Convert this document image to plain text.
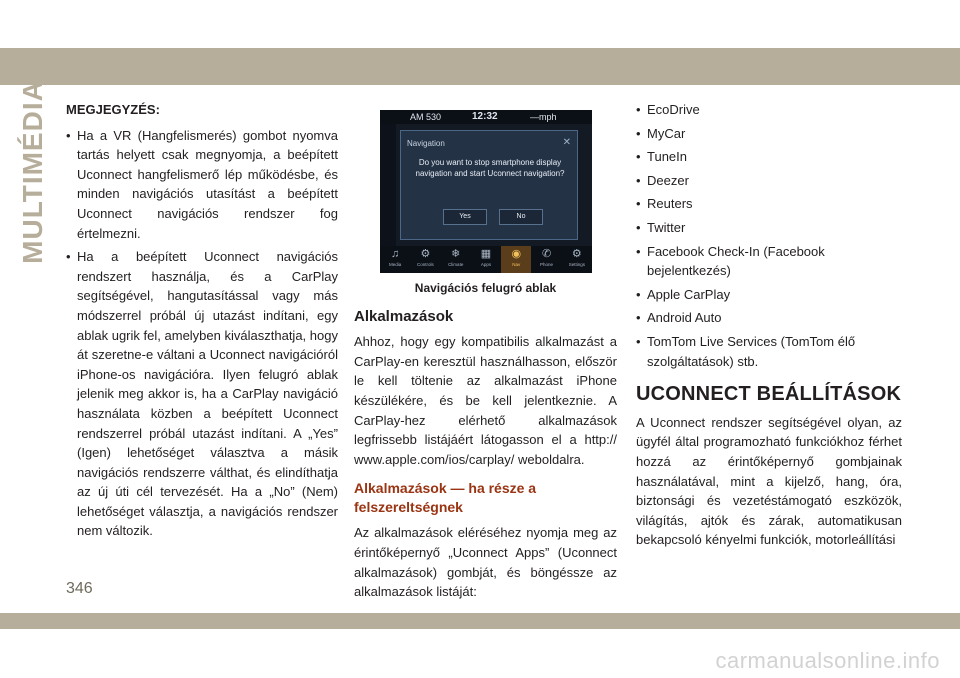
MULTIMÉDIA MEGJEGYZÉS:
• Ha a VR (Hangfelismerés) gombot nyomva tartás helyett csak megnyomja, a beépített Uconnect hangfelismerő lép működésbe, és minden navigációs utasítást a beépített Uconnect navigációs rendszer fog értelmezni.
• Ha a beépített Uconnect navigációs rendszert használja, és a CarPlay segítségével, hangutasítással vagy más módszerrel próbál új utazást indítani, egy ablak ugrik fel, amelyben kiválaszthatja, hogy át szeretne-e váltani a Uconnect navigációról iPhone-os navigációra. Ilyen felugró ablak jelenik meg akkor is, ha a CarPlay navigáció használata közben a beépített Uconnect rendszerrel próbál utazást indítani. A „Yes” (Igen) lehetőséget választva a másik navigációs rendszerre válthat, és elindíthatja az új úti cél tervezését. Ha a „No” (Nem) lehetőséget választja, a navigációs rendszer nem változik.
AM 530	12:32	—mph
Navigation	✕
Do you want to stop smartphone display navigation and start Uconnect navigation?
Yes	No
♫
Media
⚙
Controls
❄
Climate
▦
Apps
◉
Nav
✆
Phone
⚙
Settings
Navigációs felugró ablak
Alkalmazások
Ahhoz, hogy egy kompatibilis alkalmazást a CarPlay-en keresztül használhasson, először le kell töltenie az alkalmazást iPhone készülékére, és be kell jelentkeznie. A CarPlay-hez elérhető alkalmazások legfrissebb listájáért látogasson el a http:// www.apple.com/ios/carplay/ weboldalra.
Alkalmazások — ha része a felszereltségnek
Az alkalmazások eléréséhez nyomja meg az érintőképernyő „Uconnect Apps” (Uconnect alkalmazások) gombját, és böngéssze az alkalmazások listáját:
• EcoDrive
• MyCar
• TuneIn
• Deezer
• Reuters
• Twitter
• Facebook Check-In (Facebook bejelentkezés)
• Apple CarPlay
• Android Auto
• TomTom Live Services (TomTom élő szolgáltatások) stb.
UCONNECT BEÁLLÍTÁSOK
A Uconnect rendszer segítségével olyan, az ügyfél által programozható funkciókhoz férhet hozzá az érintőképernyő gombjainak használatával, mint a kijelző, hang, óra, biztonsági és vezetéstámogató eszközök, világítás, ajtók és zárak, automatikusan bekapcsoló kényelmi funkciók, motorleállítási
346
carmanualsonline.info
